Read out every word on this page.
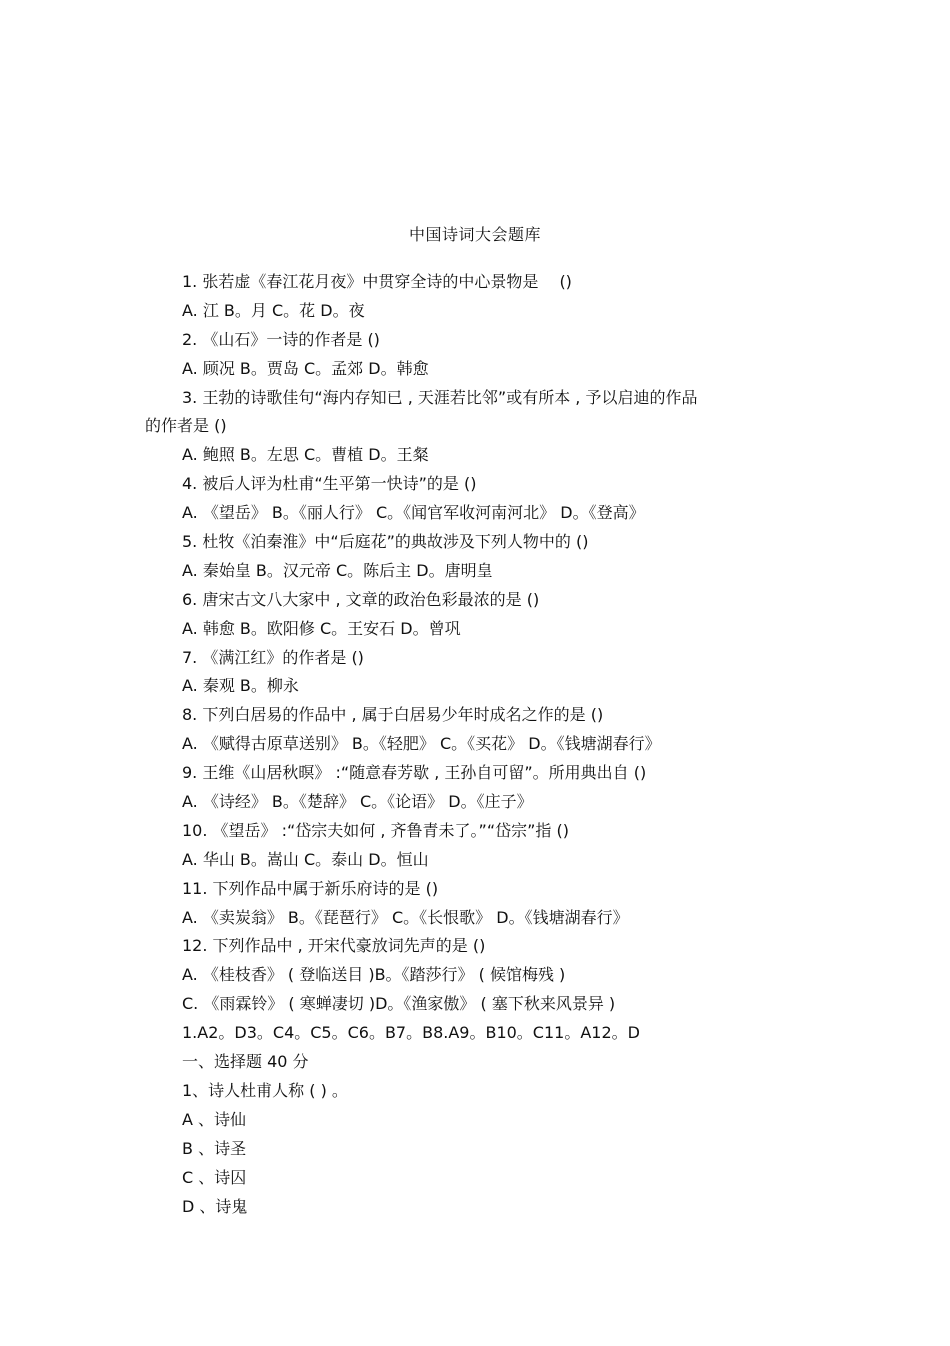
中国诗词大会题库
1. 张若虚《春江花月夜》中贯穿全诗的中心景物是　 ()
A. 江 B。月 C。花 D。夜
2. 《山石》一诗的作者是 ()
A. 顾况 B。贾岛 C。孟郊 D。韩愈
3. 王勃的诗歌佳句“海内存知已 , 天涯若比邻”或有所本 , 予以启迪的作品
的作者是 ()
A. 鲍照 B。左思 C。曹植 D。王粲
4. 被后人评为杜甫“生平第一快诗”的是 ()
A. 《望岳》 B。《丽人行》 C。《闻官军收河南河北》 D。《登高》
5. 杜牧《泊秦淮》中“后庭花”的典故涉及下列人物中的 ()
A. 秦始皇 B。汉元帝 C。陈后主 D。唐明皇
6. 唐宋古文八大家中 , 文章的政治色彩最浓的是 ()
A. 韩愈 B。欧阳修 C。王安石 D。曾巩
7. 《满江红》的作者是 ()
A. 秦观 B。柳永
8. 下列白居易的作品中 , 属于白居易少年时成名之作的是 ()
A. 《赋得古原草送别》 B。《轻肥》 C。《买花》 D。《钱塘湖春行》
9. 王维《山居秋暝》 :“随意春芳歇 , 王孙自可留”。所用典出自 ()
A. 《诗经》 B。《楚辞》 C。《论语》 D。《庄子》
10. 《望岳》 :“岱宗夫如何 , 齐鲁青未了。”“岱宗”指 ()
A. 华山 B。嵩山 C。泰山 D。恒山
11. 下列作品中属于新乐府诗的是 ()
A. 《卖炭翁》 B。《琵琶行》 C。《长恨歌》 D。《钱塘湖春行》
12. 下列作品中 , 开宋代豪放词先声的是 ()
A. 《桂枝香》 ( 登临送目 )B。《踏莎行》 ( 候馆梅残 )
C. 《雨霖铃》 ( 寒蝉凄切 )D。《渔家傲》 ( 塞下秋来风景异 )
1.A2。D3。C4。C5。C6。B7。B8.A9。B10。C11。A12。D
一、选择题 40 分
1、诗人杜甫人称 ( ) 。
A 、诗仙
B 、诗圣
C 、诗囚
D 、诗鬼
